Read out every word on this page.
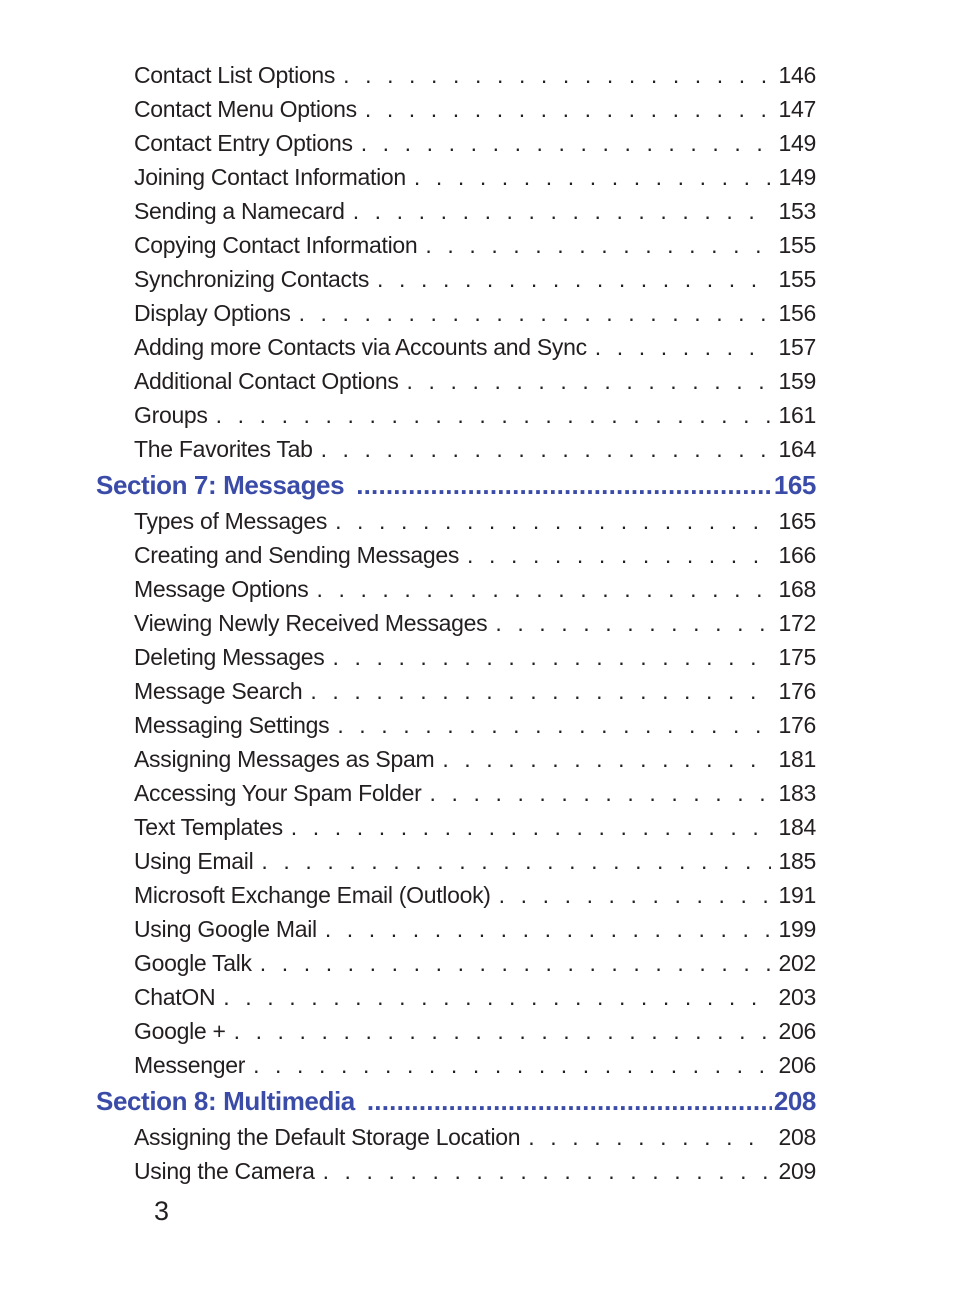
Contact List Options . . .	146
Contact Menu Options . . .	147
Contact Entry Options . . .	149
Joining Contact Information . . .	149
Sending a Namecard . . .	153
Copying Contact Information . . .	155
Synchronizing Contacts . . .	155
Display Options . . .	156
Adding more Contacts via Accounts and Sync . . .	157
Additional Contact Options . . .	159
Groups . . .	161
The Favorites Tab . . .	164
Section 7: Messages .....	165
Types of Messages . . .	165
Creating and Sending Messages . . .	166
Message Options . . .	168
Viewing Newly Received Messages . . .	172
Deleting Messages . . .	175
Message Search . . .	176
Messaging Settings . . .	176
Assigning Messages as Spam . . .	181
Accessing Your Spam Folder . . .	183
Text Templates . . .	184
Using Email . . .	185
Microsoft Exchange Email (Outlook) . . .	191
Using Google Mail . . .	199
Google Talk . . .	202
ChatON . . .	203
Google + . . .	206
Messenger . . .	206
Section 8: Multimedia .....	208
Assigning the Default Storage Location . . .	208
Using the Camera . . .	209
3
